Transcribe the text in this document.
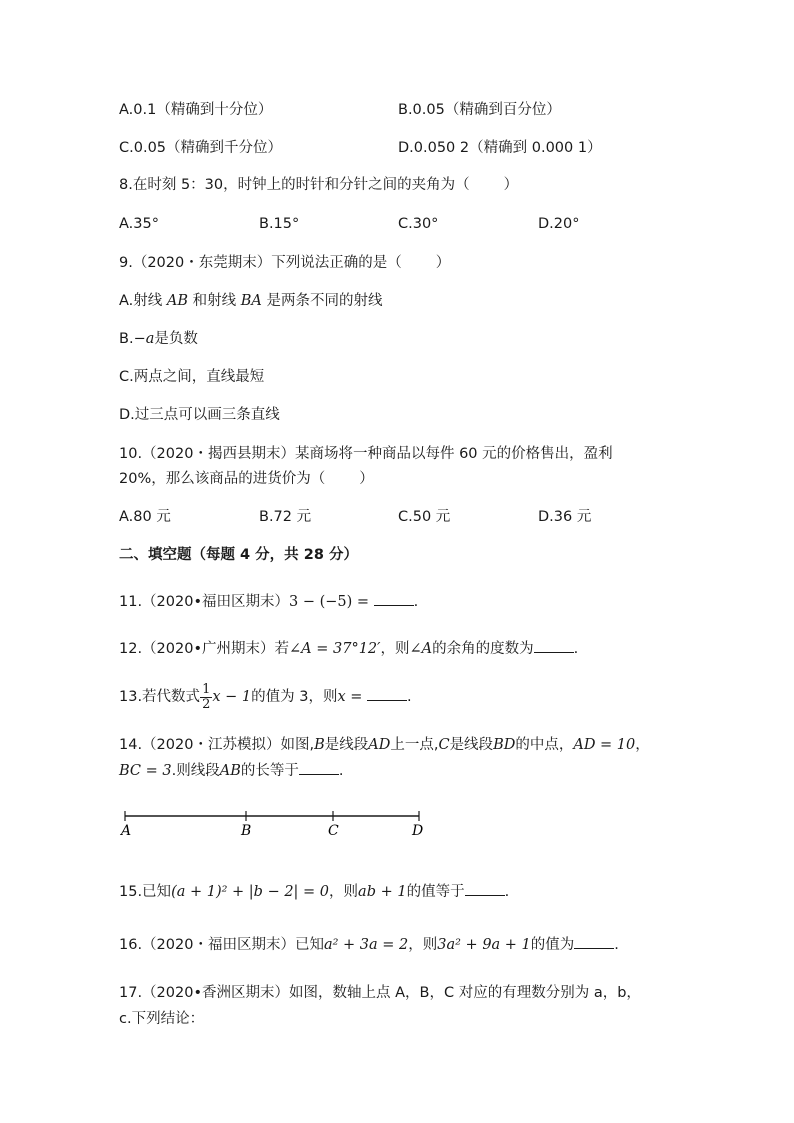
A.0.1（精确到十分位）	B.0.05（精确到百分位）
C.0.05（精确到千分位）	D.0.050 2（精确到 0.000 1）
8.在时刻 5：30，时钟上的时针和分针之间的夹角为（ ）
A.35°	B.15°	C.30°	D.20°
9.（2020・东莞期末）下列说法正确的是（ ）
A.射线 AB 和射线 BA 是两条不同的射线
B.−a是负数
C.两点之间，直线最短
D.过三点可以画三条直线
10.（2020・揭西县期末）某商场将一种商品以每件 60 元的价格售出，盈利
20%，那么该商品的进货价为（ ）
A.80 元	B.72 元	C.50 元	D.36 元
二、填空题（每题 4 分，共 28 分）
11.（2020•福田区期末）3 − (−5) =	.
12.（2020•广州期末）若∠A = 37°12′，则∠A的余角的度数为	.
13.若代数式 $\frac{1}{2}$ x − 1的值为 3，则x =	.
14.（2020・江苏模拟）如图,B是线段AD上一点,C是线段BD的中点，AD = 10，
BC = 3.则线段AB的长等于	.
A	B	C	D
15.已知(a + 1)² + |b − 2| = 0，则ab + 1的值等于	.
16.（2020・福田区期末）已知a² + 3a = 2，则3a² + 9a + 1的值为	.
17.（2020•香洲区期末）如图，数轴上点 A，B，C 对应的有理数分别为 a，b，
c.下列结论：
